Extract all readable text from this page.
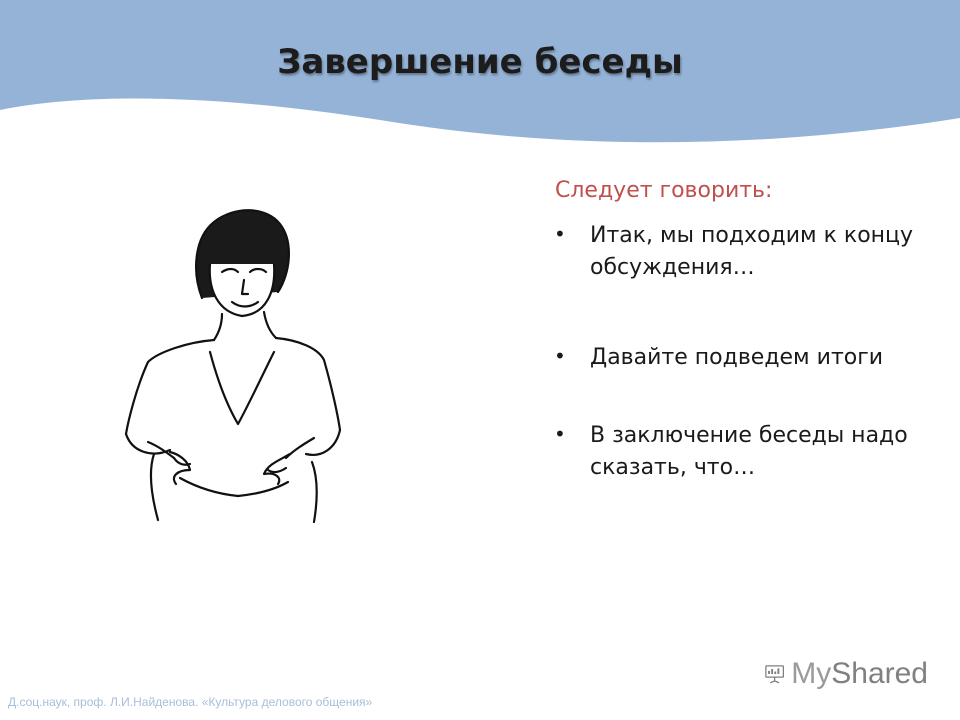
Завершение беседы

Следует говорить:

• Итак, мы подходим к концу обсуждения…
• Давайте подведем итоги
• В заключение беседы надо сказать, что…
Д.соц.наук, проф. Л.И.Найденова. «Культура делового общения»
MyShared
